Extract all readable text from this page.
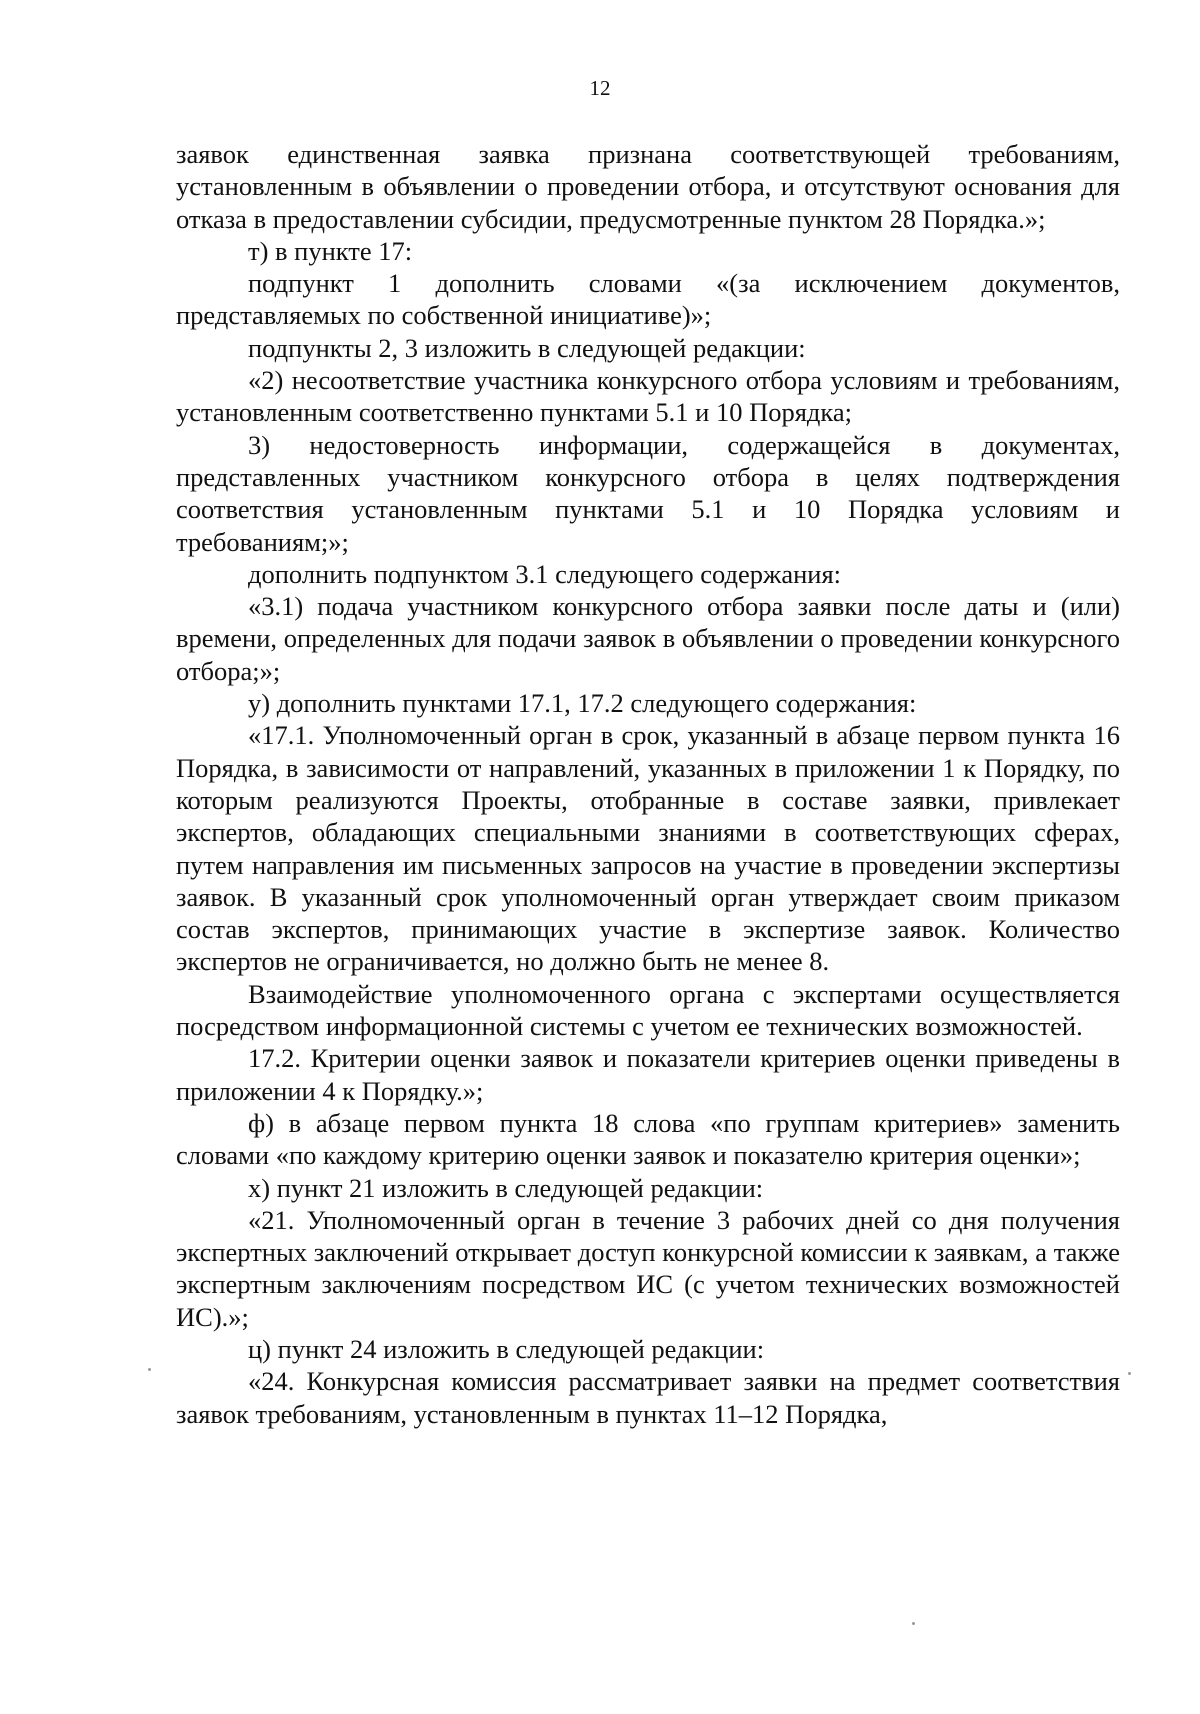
12

заявок единственная заявка признана соответствующей требованиям, установленным в объявлении о проведении отбора, и отсутствуют основания для отказа в предоставлении субсидии, предусмотренные пунктом 28 Порядка.»;

т) в пункте 17:

подпункт 1 дополнить словами «(за исключением документов, представляемых по собственной инициативе)»;

подпункты 2, 3 изложить в следующей редакции:

«2) несоответствие участника конкурсного отбора условиям и требованиям, установленным соответственно пунктами 5.1 и 10 Порядка;

3) недостоверность информации, содержащейся в документах, представленных участником конкурсного отбора в целях подтверждения соответствия установленным пунктами 5.1 и 10 Порядка условиям и требованиям;»;

дополнить подпунктом 3.1 следующего содержания:

«3.1) подача участником конкурсного отбора заявки после даты и (или) времени, определенных для подачи заявок в объявлении о проведении конкурсного отбора;»;

у) дополнить пунктами 17.1, 17.2 следующего содержания:

«17.1. Уполномоченный орган в срок, указанный в абзаце первом пункта 16 Порядка, в зависимости от направлений, указанных в приложении 1 к Порядку, по которым реализуются Проекты, отобранные в составе заявки, привлекает экспертов, обладающих специальными знаниями в соответствующих сферах, путем направления им письменных запросов на участие в проведении экспертизы заявок. В указанный срок уполномоченный орган утверждает своим приказом состав экспертов, принимающих участие в экспертизе заявок. Количество экспертов не ограничивается, но должно быть не менее 8.

Взаимодействие уполномоченного органа с экспертами осуществляется посредством информационной системы с учетом ее технических возможностей.

17.2. Критерии оценки заявок и показатели критериев оценки приведены в приложении 4 к Порядку.»;

ф) в абзаце первом пункта 18 слова «по группам критериев» заменить словами «по каждому критерию оценки заявок и показателю критерия оценки»;

х) пункт 21 изложить в следующей редакции:

«21. Уполномоченный орган в течение 3 рабочих дней со дня получения экспертных заключений открывает доступ конкурсной комиссии к заявкам, а также экспертным заключениям посредством ИС (с учетом технических возможностей ИС).»;

ц) пункт 24 изложить в следующей редакции:

«24. Конкурсная комиссия рассматривает заявки на предмет соответствия заявок требованиям, установленным в пунктах 11–12 Порядка,
